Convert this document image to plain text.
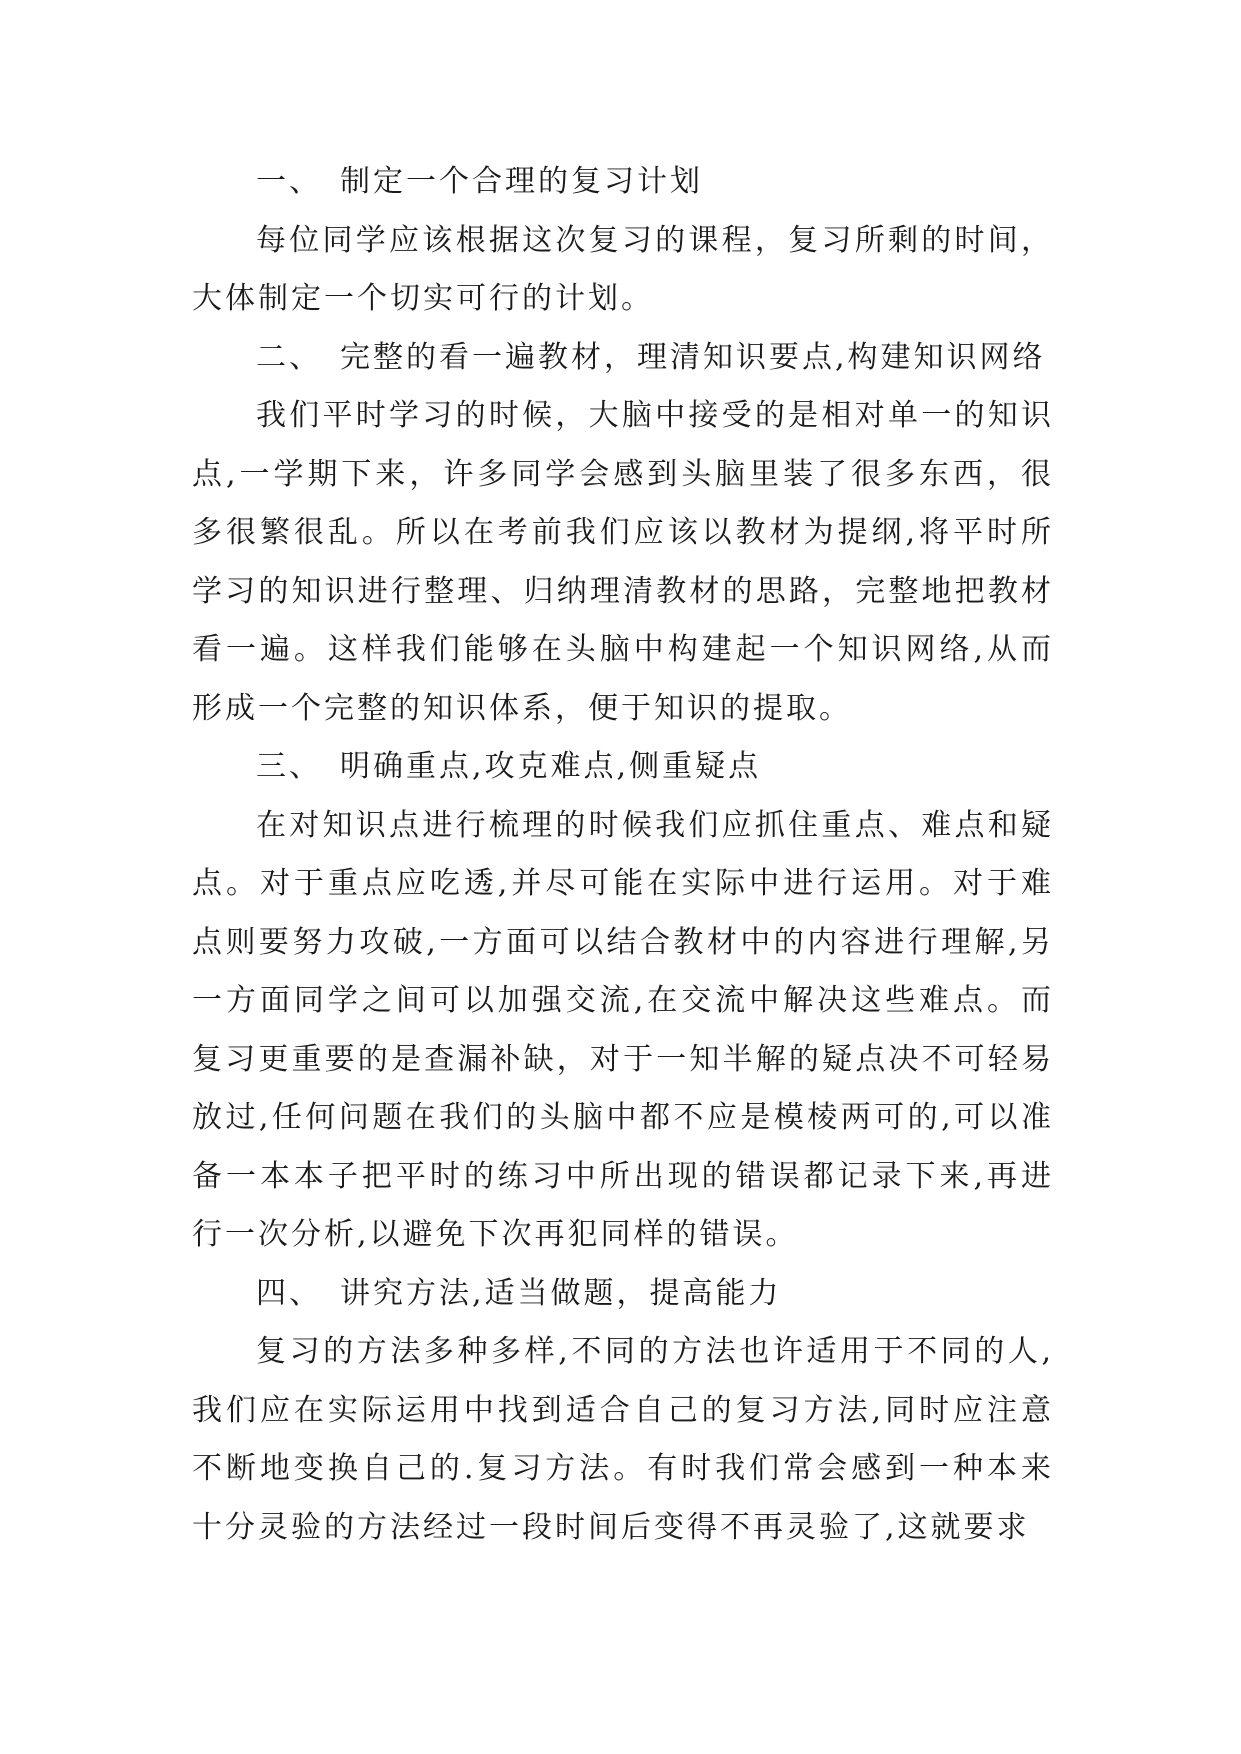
一、 制定一个合理的复习计划

每位同学应该根据这次复习的课程，复习所剩的时间，大体制定一个切实可行的计划。

二、 完整的看一遍教材，理清知识要点,构建知识网络

我们平时学习的时候，大脑中接受的是相对单一的知识点,一学期下来，许多同学会感到头脑里装了很多东西，很多很繁很乱。所以在考前我们应该以教材为提纲,将平时所学习的知识进行整理、归纳理清教材的思路，完整地把教材看一遍。这样我们能够在头脑中构建起一个知识网络,从而形成一个完整的知识体系，便于知识的提取。

三、 明确重点,攻克难点,侧重疑点

在对知识点进行梳理的时候我们应抓住重点、难点和疑点。对于重点应吃透,并尽可能在实际中进行运用。对于难点则要努力攻破,一方面可以结合教材中的内容进行理解,另一方面同学之间可以加强交流,在交流中解决这些难点。而复习更重要的是查漏补缺，对于一知半解的疑点决不可轻易放过,任何问题在我们的头脑中都不应是模棱两可的,可以准备一本本子把平时的练习中所出现的错误都记录下来,再进行一次分析,以避免下次再犯同样的错误。

四、 讲究方法,适当做题，提高能力

复习的方法多种多样,不同的方法也许适用于不同的人,我们应在实际运用中找到适合自己的复习方法,同时应注意不断地变换自己的.复习方法。有时我们常会感到一种本来十分灵验的方法经过一段时间后变得不再灵验了,这就要求
